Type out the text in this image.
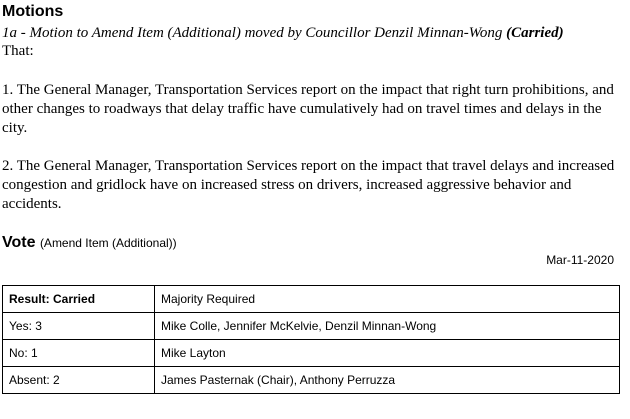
Motions
1a - Motion to Amend Item (Additional) moved by Councillor Denzil Minnan-Wong (Carried)
That:
1. The General Manager, Transportation Services report on the impact that right turn prohibitions, and other changes to roadways that delay traffic have cumulatively had on travel times and delays in the city.
2. The General Manager, Transportation Services report on the impact that travel delays and increased congestion and gridlock have on increased stress on drivers, increased aggressive behavior and accidents.
Vote (Amend Item (Additional))
Mar-11-2020
Result: Carried	Majority Required
Yes: 3	Mike Colle, Jennifer McKelvie, Denzil Minnan-Wong
No: 1	Mike Layton
Absent: 2	James Pasternak (Chair), Anthony Perruzza
